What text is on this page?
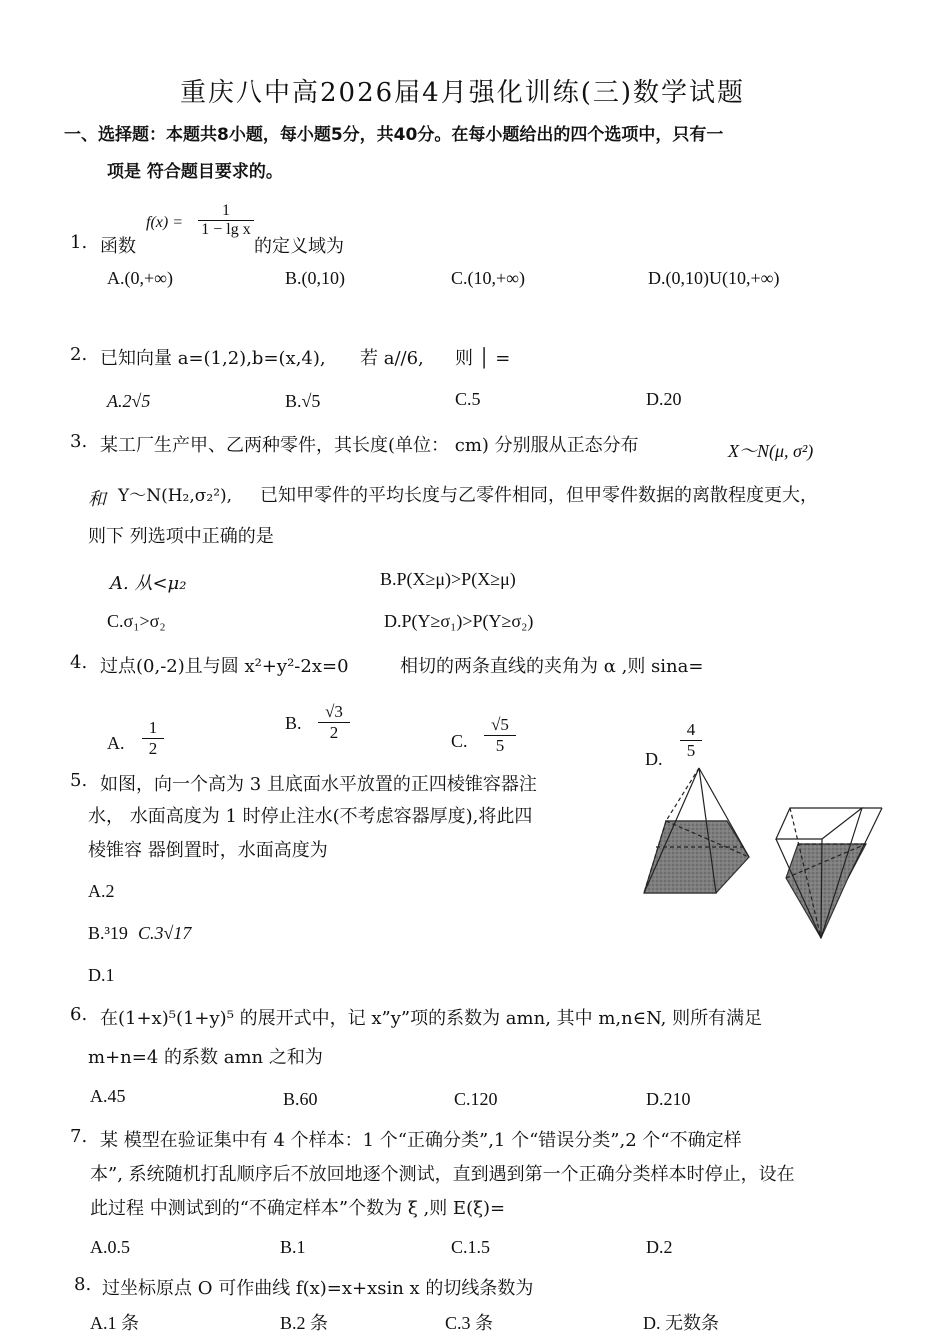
重庆八中高2026届4月强化训练(三)数学试题
一、选择题：本题共8小题，每小题5分，共40分。在每小题给出的四个选项中，只有一
项是 符合题目要求的。
1. 函数
f(x) =
1
1 − lg x
的定义域为
A.(0,+∞)	B.(0,10)	C.(10,+∞)	D.(0,10)U(10,+∞)
2. 已知向量 a=(1,2),b=(x,4), 若 a//6, 则 │ =
A.2√5	B.√5	C.5	D.20
3. 某工厂生产甲、乙两种零件，其长度(单位： cm) 分别服从正态分布	X～N(μ, σ²)
和 Y～N(H₂,σ₂²), 已知甲零件的平均长度与乙零件相同，但甲零件数据的离散程度更大，
则下 列选项中正确的是
A. 从<μ₂	B.P(X≥μ)>P(X≥μ)
C.σ₁>σ₂	D.P(Y≥σ₁)>P(Y≥σ₂)
4. 过点(0,-2)且与圆 x²+y²-2x=0	相切的两条直线的夹角为 α ,则 sina=
A.
1
2
B.
√3
2	C.
√5
5
D.
4
5
5. 如图，向一个高为 3 且底面水平放置的正四棱锥容器注
水， 水面高度为 1 时停止注水(不考虑容器厚度),将此四
棱锥容 器倒置时，水面高度为
A.2
B.³19 C.3√17
D.1
6. 在(1+x)⁵(1+y)⁵ 的展开式中，记 x”y”项的系数为 amn, 其中 m,n∈N, 则所有满足
m+n=4 的系数 amn 之和为
A.45	B.60	C.120	D.210
7. 某 模型在验证集中有 4 个样本：1 个“正确分类”,1 个“错误分类”,2 个“不确定样
本”, 系统随机打乱顺序后不放回地逐个测试，直到遇到第一个正确分类样本时停止，设在
此过程 中测试到的“不确定样本”个数为 ξ ,则 E(ξ)=
A.0.5	B.1	C.1.5	D.2
8. 过坐标原点 O 可作曲线 f(x)=x+xsin x 的切线条数为
A.1 条	B.2 条	C.3 条	D. 无数条
